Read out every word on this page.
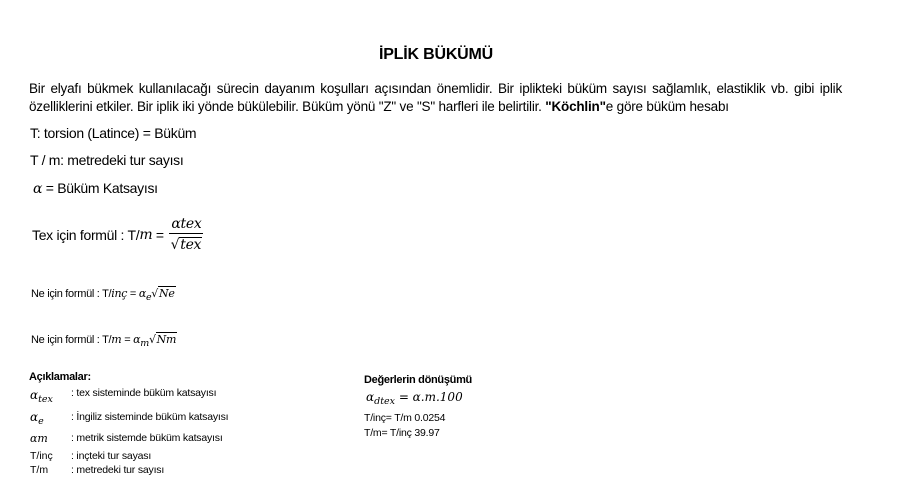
İPLİK BÜKÜMÜ
Bir elyafı bükmek kullanılacağı sürecin dayanım koşulları açısından önemlidir. Bir iplikteki büküm sayısı sağlamlık, elastiklik vb. gibi iplik özelliklerini etkiler. Bir iplik iki yönde bükülebilir. Büküm yönü "Z" ve "S" harfleri ile belirtilir. "Köchlin"e göre büküm hesabı
T: torsion (Latince) = Büküm
T / m: metredeki tur sayısı
α = Büküm Katsayısı
Tex için formül : T/ $m = \frac{\text{αtex}}{\text{√tex}}$
Ne için formül : T/inç = αe√Ne
Ne için formül : T/m = αm√Nm
Açıklamalar:
$\alpha_{tex}$
: tex sisteminde büküm katsayısı
$\alpha_e$	: İngiliz sisteminde büküm katsayısı
αm : metrik sistemde büküm katsayısı
T/inç : inçteki tur sayası
T/m : metredeki tur sayısı
Değerlerin dönüşümü
$\alpha_{dtex} = \alpha.m.100$
T/inç= T/m 0.0254
T/m= T/inç 39.97
